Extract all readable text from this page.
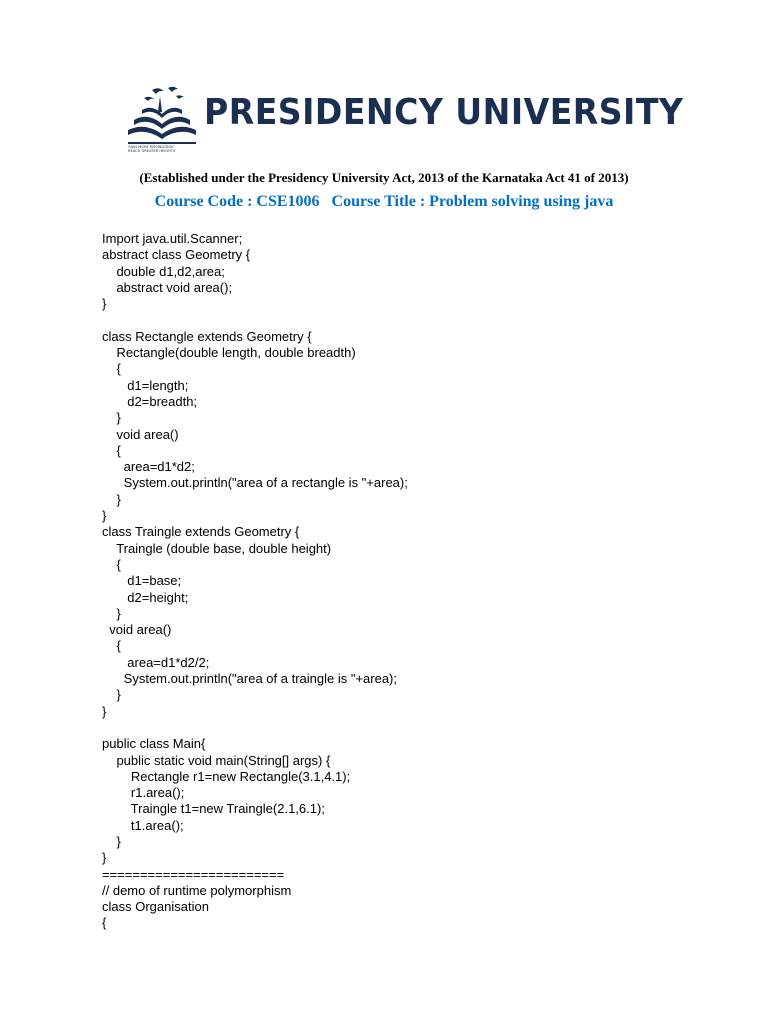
GAIN MORE KNOWLEDGE
REACH GREATER HEIGHTS
PRESIDENCY UNIVERSITY
(Established under the Presidency University Act, 2013 of the Karnataka Act 41 of 2013)
Course Code : CSE1006 Course Title : Problem solving using java
Import java.util.Scanner;
abstract class Geometry {
double d1,d2,area;
abstract void area();
}
class Rectangle extends Geometry {
Rectangle(double length, double breadth)
{
d1=length;
d2=breadth;
}
void area()
{
area=d1*d2;
System.out.println("area of a rectangle is "+area);
}
}
class Traingle extends Geometry {
Traingle (double base, double height)
{
d1=base;
d2=height;
}
void area()
{
area=d1*d2/2;
System.out.println("area of a traingle is "+area);
}
}
public class Main{
public static void main(String[] args) {
Rectangle r1=new Rectangle(3.1,4.1);
r1.area();
Traingle t1=new Traingle(2.1,6.1);
t1.area();
}
}
========================
// demo of runtime polymorphism
class Organisation
{
